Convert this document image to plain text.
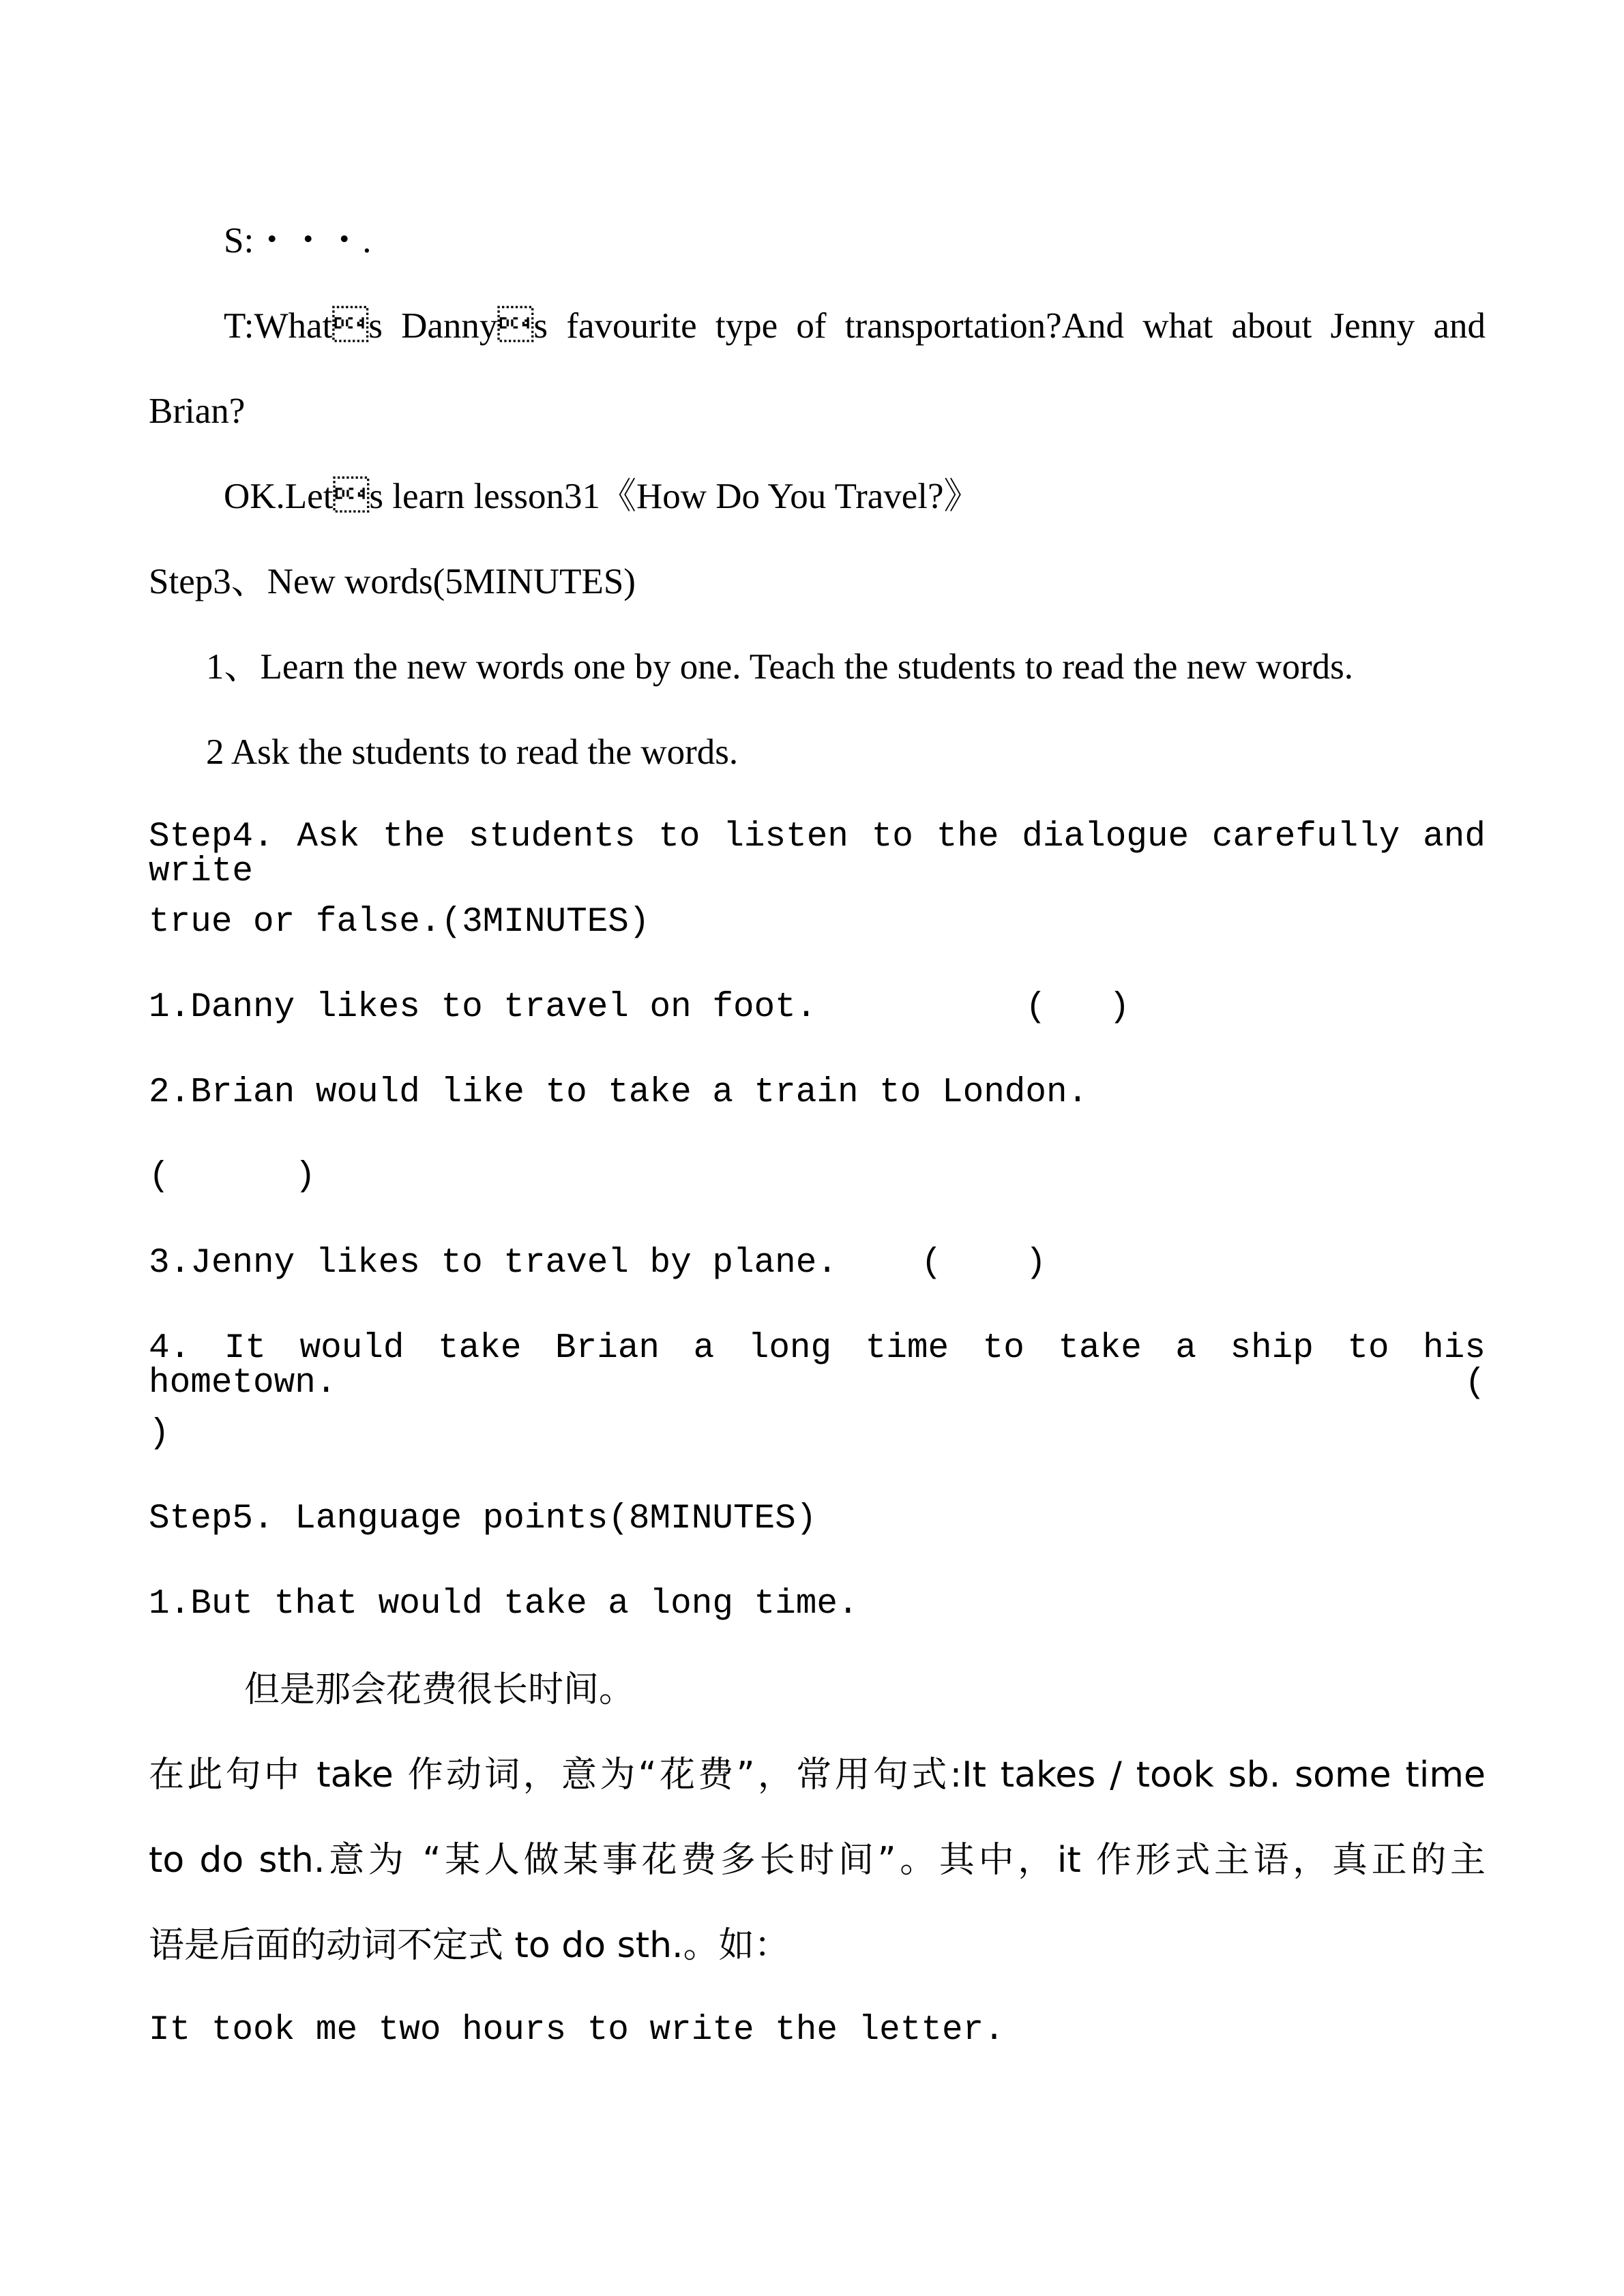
S:・・・.

T:Whats Dannys favourite type of transportation?And what about Jenny and

Brian?

OK.Lets learn lesson31《How Do You Travel?》

Step3、New words(5MINUTES)

1、Learn the new words one by one. Teach the students to read the new words.

2 Ask the students to read the words.

Step4. Ask the students to listen to the dialogue carefully and write

true or false.(3MINUTES)

1.Danny likes to travel on foot.          (   )

2.Brian would like to take a train to London.

(      )

3.Jenny likes to travel by plane.    (    )

4. It would take Brian a long time to take a ship to his hometown. (

)

Step5. Language points(8MINUTES)

1.But that would take a long time.

但是那会花费很长时间。

在此句中 take 作动词，意为“花费”，常用句式:It takes / took sb. some time

to do sth.意为 “某人做某事花费多长时间”。其中，it 作形式主语，真正的主

语是后面的动词不定式 to do sth.。如：

It took me two hours to write the letter.
